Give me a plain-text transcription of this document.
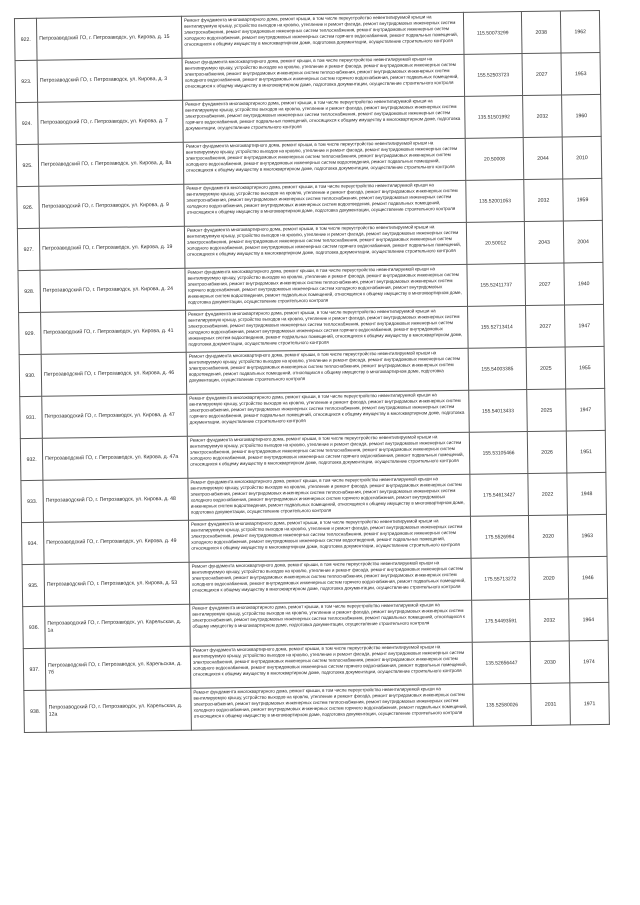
922.	Петрозаводский ГО, г. Петрозаводск, ул. Кирова, д. 15	Ремонт фундамента многоквартирного дома, ремонт крыши, в том числе переустройство невентилируемой крыши на вентилируемую крышу, устройство выходов на кровлю, утепление и ремонт фасада, ремонт внутридомовых инженерных систем электроснабжения, ремонт внутридомовых инженерных систем теплоснабжения, ремонт внутридомовых инженерных систем холодного водоснабжения, ремонт внутридомовых инженерных систем горячего водоснабжения, ремонт подвальных помещений, относящихся к общему имуществу в многоквартирном доме, подготовка документации, осуществление строительного контроля	115.50073299	2038	1962
923.	Петрозаводский ГО, г. Петрозаводск, ул. Кирова, д. 3	Ремонт фундамента многоквартирного дома, ремонт крыши, в том числе переустройство невентилируемой крыши на вентилируемую крышу, устройство выходов на кровлю, утепление и ремонт фасада, ремонт внутридомовых инженерных систем электроснабжения, ремонт внутридомовых инженерных систем теплоснабжения, ремонт внутридомовых инженерных систем холодного водоснабжения, ремонт внутридомовых инженерных систем горячего водоснабжения, ремонт подвальных помещений, относящихся к общему имуществу в многоквартирном доме, подготовка документации, осуществление строительного контроля	155.52503723	2027	1953
924.	Петрозаводский ГО, г. Петрозаводск, ул. Кирова, д. 7	Ремонт фундамента многоквартирного дома, ремонт крыши, в том числе переустройство невентилируемой крыши на вентилируемую крышу, устройство выходов на кровлю, утепление и ремонт фасада, ремонт внутридомовых инженерных систем электроснабжения, ремонт внутридомовых инженерных систем теплоснабжения, ремонт внутридомовых инженерных систем горячего водоснабжения, ремонт подвальных помещений, относящихся к общему имуществу в многоквартирном доме, подготовка документации, осуществление строительного контроля	135.51501992	2032	1960
925.	Петрозаводский ГО, г. Петрозаводск, ул. Кирова, д. 8а	Ремонт фундамента многоквартирного дома, ремонт крыши, в том числе переустройство невентилируемой крыши на вентилируемую крышу, устройство выходов на кровлю, утепление и ремонт фасада, ремонт внутридомовых инженерных систем электроснабжения, ремонт внутридомовых инженерных систем теплоснабжения, ремонт внутридомовых инженерных систем холодного водоснабжения, ремонт внутридомовых инженерных систем водоотведения, ремонт подвальных помещений, относящихся к общему имуществу в многоквартирном доме, подготовка документации, осуществление строительного контроля	20.50008	2044	2010
926.	Петрозаводский ГО, г. Петрозаводск, ул. Кирова, д. 9	Ремонт фундамента многоквартирного дома, ремонт крыши, в том числе переустройство невентилируемой крыши на вентилируемую крышу, устройство выходов на кровлю, утепление и ремонт фасада, ремонт внутридомовых инженерных систем электроснабжения, ремонт внутридомовых инженерных систем теплоснабжения, ремонт внутридомовых инженерных систем холодного водоснабжения, ремонт внутридомовых инженерных систем водоотведения, ремонт подвальных помещений, относящихся к общему имуществу в многоквартирном доме, подготовка документации, осуществление строительного контроля	135.52001053	2032	1959
927.	Петрозаводский ГО, г. Петрозаводск, ул. Кирова, д. 19	Ремонт фундамента многоквартирного дома, ремонт крыши, в том числе переустройство невентилируемой крыши на вентилируемую крышу, устройство выходов на кровлю, утепление и ремонт фасада, ремонт внутридомовых инженерных систем электроснабжения, ремонт внутридомовых инженерных систем теплоснабжения, ремонт внутридомовых инженерных систем холодного водоснабжения, ремонт внутридомовых инженерных систем горячего водоснабжения, ремонт подвальных помещений, относящихся к общему имуществу в многоквартирном доме, подготовка документации, осуществление строительного контроля	20.50012	2043	2004
928.	Петрозаводский ГО, г. Петрозаводск, ул. Кирова, д. 24	Ремонт фундамента многоквартирного дома, ремонт крыши, в том числе переустройство невентилируемой крыши на вентилируемую крышу, устройство выходов на кровлю, утепление и ремонт фасада, ремонт внутридомовых инженерных систем электроснабжения, ремонт внутридомовых инженерных систем теплоснабжения, ремонт внутридомовых инженерных систем горячего водоснабжения, ремонт внутридомовых инженерных систем холодного водоснабжения, ремонт внутридомовых инженерных систем водоотведения, ремонт подвальных помещений, относящихся к общему имуществу в многоквартирном доме, подготовка документации, осуществление строительного контроля	155.52411737	2027	1940
929.	Петрозаводский ГО, г. Петрозаводск, ул. Кирова, д. 41	Ремонт фундамента многоквартирного дома, ремонт крыши, в том числе переустройство невентилируемой крыши на вентилируемую крышу, устройство выходов на кровлю, утепление и ремонт фасада, ремонт внутридомовых инженерных систем электроснабжения, ремонт внутридомовых инженерных систем теплоснабжения, ремонт внутридомовых инженерных систем холодного водоснабжения, ремонт внутридомовых инженерных систем горячего водоснабжения, ремонт внутридомовых инженерных систем водоотведения, ремонт подвальных помещений, относящихся к общему имуществу в многоквартирном доме, подготовка документации, осуществление строительного контроля	155.52713414	2027	1947
930.	Петрозаводский ГО, г. Петрозаводск, ул. Кирова, д. 46	Ремонт фундамента многоквартирного дома, ремонт крыши, в том числе переустройство невентилируемой крыши на вентилируемую крышу, устройство выходов на кровлю, утепление и ремонт фасада, ремонт внутридомовых инженерных систем электроснабжения, ремонт внутридомовых инженерных систем теплоснабжения, ремонт внутридомовых инженерных систем водоотведения, ремонт подвальных помещений, относящихся к общему имуществу в многоквартирном доме, подготовка документации, осуществление строительного контроля	155.54003385	2025	1955
931.	Петрозаводский ГО, г. Петрозаводск, ул. Кирова, д. 47	Ремонт фундамента многоквартирного дома, ремонт крыши, в том числе переустройство невентилируемой крыши на вентилируемую крышу, устройство выходов на кровлю, утепление и ремонт фасада, ремонт внутридомовых инженерных систем электроснабжения, ремонт внутридомовых инженерных систем теплоснабжения, ремонт внутридомовых инженерных систем горячего водоснабжения, ремонт подвальных помещений, относящихся к общему имуществу в многоквартирном доме, подготовка документации, осуществление строительного контроля	155.54013433	2025	1947
932.	Петрозаводский ГО, г. Петрозаводск, ул. Кирова, д. 47а	Ремонт фундамента многоквартирного дома, ремонт крыши, в том числе переустройство невентилируемой крыши на вентилируемую крышу, устройство выходов на кровлю, утепление и ремонт фасада, ремонт внутридомовых инженерных систем электроснабжения, ремонт внутридомовых инженерных систем теплоснабжения, ремонт внутридомовых инженерных систем холодного водоснабжения, ремонт внутридомовых инженерных систем горячего водоснабжения, ремонт подвальных помещений, относящихся к общему имуществу в многоквартирном доме, подготовка документации, осуществление строительного контроля	155.53105466	2026	1951
933.	Петрозаводский ГО, г. Петрозаводск, ул. Кирова, д. 48	Ремонт фундамента многоквартирного дома, ремонт крыши, в том числе переустройство невентилируемой крыши на вентилируемую крышу, устройство выходов на кровлю, утепление и ремонт фасада, ремонт внутридомовых инженерных систем электроснабжения, ремонт внутридомовых инженерных систем теплоснабжения, ремонт внутридомовых инженерных систем холодного водоснабжения, ремонт внутридомовых инженерных систем горячего водоснабжения, ремонт внутридомовых инженерных систем водоотведения, ремонт подвальных помещений, относящихся к общему имуществу в многоквартирном доме, подготовка документации, осуществление строительного контроля	175.54613427	2022	1948
934.	Петрозаводский ГО, г. Петрозаводск, ул. Кирова, д. 49	Ремонт фундамента многоквартирного дома, ремонт крыши, в том числе переустройство невентилируемой крыши на вентилируемую крышу, устройство выходов на кровлю, утепление и ремонт фасада, ремонт внутридомовых инженерных систем электроснабжения, ремонт внутридомовых инженерных систем теплоснабжения, ремонт внутридомовых инженерных систем холодного водоснабжения, ремонт внутридомовых инженерных систем водоотведения, ремонт подвальных помещений, относящихся к общему имуществу в многоквартирном доме, подготовка документации, осуществление строительного контроля	175.5526994	2020	1963
935.	Петрозаводский ГО, г. Петрозаводск, ул. Кирова, д. 53	Ремонт фундамента многоквартирного дома, ремонт крыши, в том числе переустройство невентилируемой крыши на вентилируемую крышу, устройство выходов на кровлю, утепление и ремонт фасада, ремонт внутридомовых инженерных систем электроснабжения, ремонт внутридомовых инженерных систем теплоснабжения, ремонт внутридомовых инженерных систем холодного водоснабжения, ремонт внутридомовых инженерных систем горячего водоснабжения, ремонт подвальных помещений, относящихся к общему имуществу в многоквартирном доме, подготовка документации, осуществление строительного контроля	175.55713272	2020	1946
936.	Петрозаводский ГО, г. Петрозаводск, ул. Карельская, д. 1а	Ремонт фундамента многоквартирного дома, ремонт крыши, в том числе переустройство невентилируемой крыши на вентилируемую крышу, устройство выходов на кровлю, утепление и ремонт фасада, ремонт внутридомовых инженерных систем электроснабжения, ремонт внутридомовых инженерных систем теплоснабжения, ремонт подвальных помещений, относящихся к общему имуществу в многоквартирном доме, подготовка документации, осуществление строительного контроля	175.54493591	2032	1964
937.	Петрозаводский ГО, г. Петрозаводск, ул. Карельская, д. 7б	Ремонт фундамента многоквартирного дома, ремонт крыши, в том числе переустройство невентилируемой крыши на вентилируемую крышу, устройство выходов на кровлю, утепление и ремонт фасада, ремонт внутридомовых инженерных систем электроснабжения, ремонт внутридомовых инженерных систем теплоснабжения, ремонт внутридомовых инженерных систем холодного водоснабжения, ремонт внутридомовых инженерных систем горячего водоснабжения, ремонт подвальных помещений, относящихся к общему имуществу в многоквартирном доме, подготовка документации, осуществление строительного контроля	135.52656447	2030	1974
938.	Петрозаводский ГО, г. Петрозаводск, ул. Карельская, д. 12а	Ремонт фундамента многоквартирного дома, ремонт крыши, в том числе переустройство невентилируемой крыши на вентилируемую крышу, устройство выходов на кровлю, утепление и ремонт фасада, ремонт внутридомовых инженерных систем электроснабжения, ремонт внутридомовых инженерных систем теплоснабжения, ремонт внутридомовых инженерных систем холодного водоснабжения, ремонт внутридомовых инженерных систем горячего водоснабжения, ремонт подвальных помещений, относящихся к общему имуществу в многоквартирном доме, подготовка документации, осуществление строительного контроля	135.52580026	2031	1971
